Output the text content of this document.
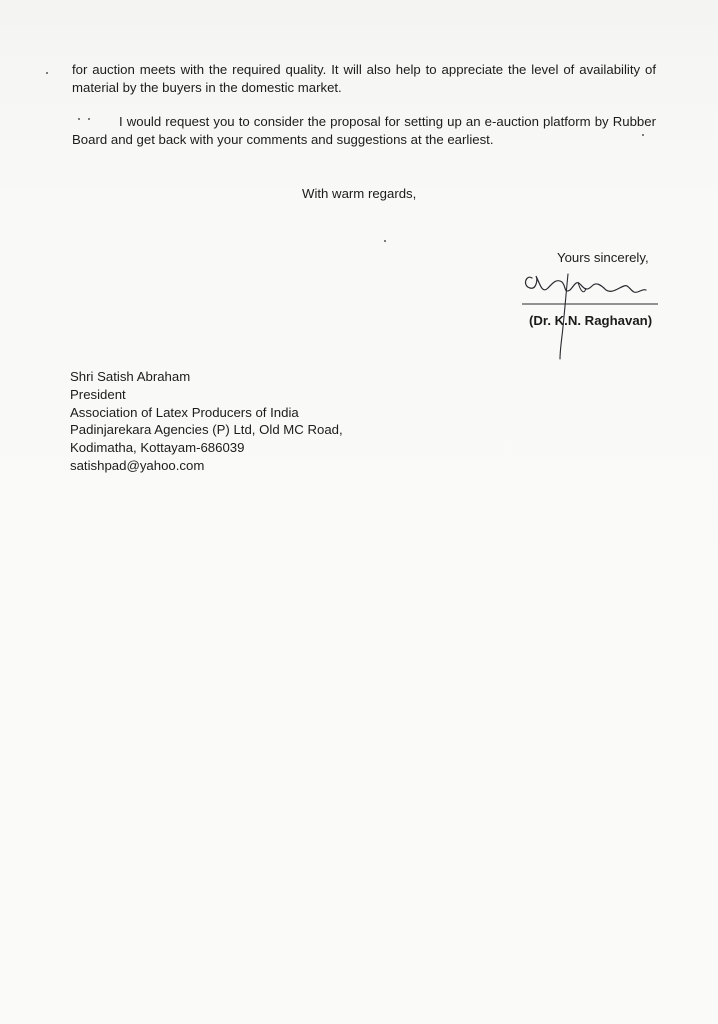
for auction meets with the required quality. It will also help to appreciate the level of availability of material by the buyers in the domestic market.
I would request you to consider the proposal for setting up an e-auction platform by Rubber Board and get back with your comments and suggestions at the earliest.
With warm regards,
Yours sincerely,
(Dr. K.N. Raghavan)
Shri Satish Abraham
President
Association of Latex Producers of India
Padinjarekara Agencies (P) Ltd, Old MC Road,
Kodimatha, Kottayam-686039
satishpad@yahoo.com
